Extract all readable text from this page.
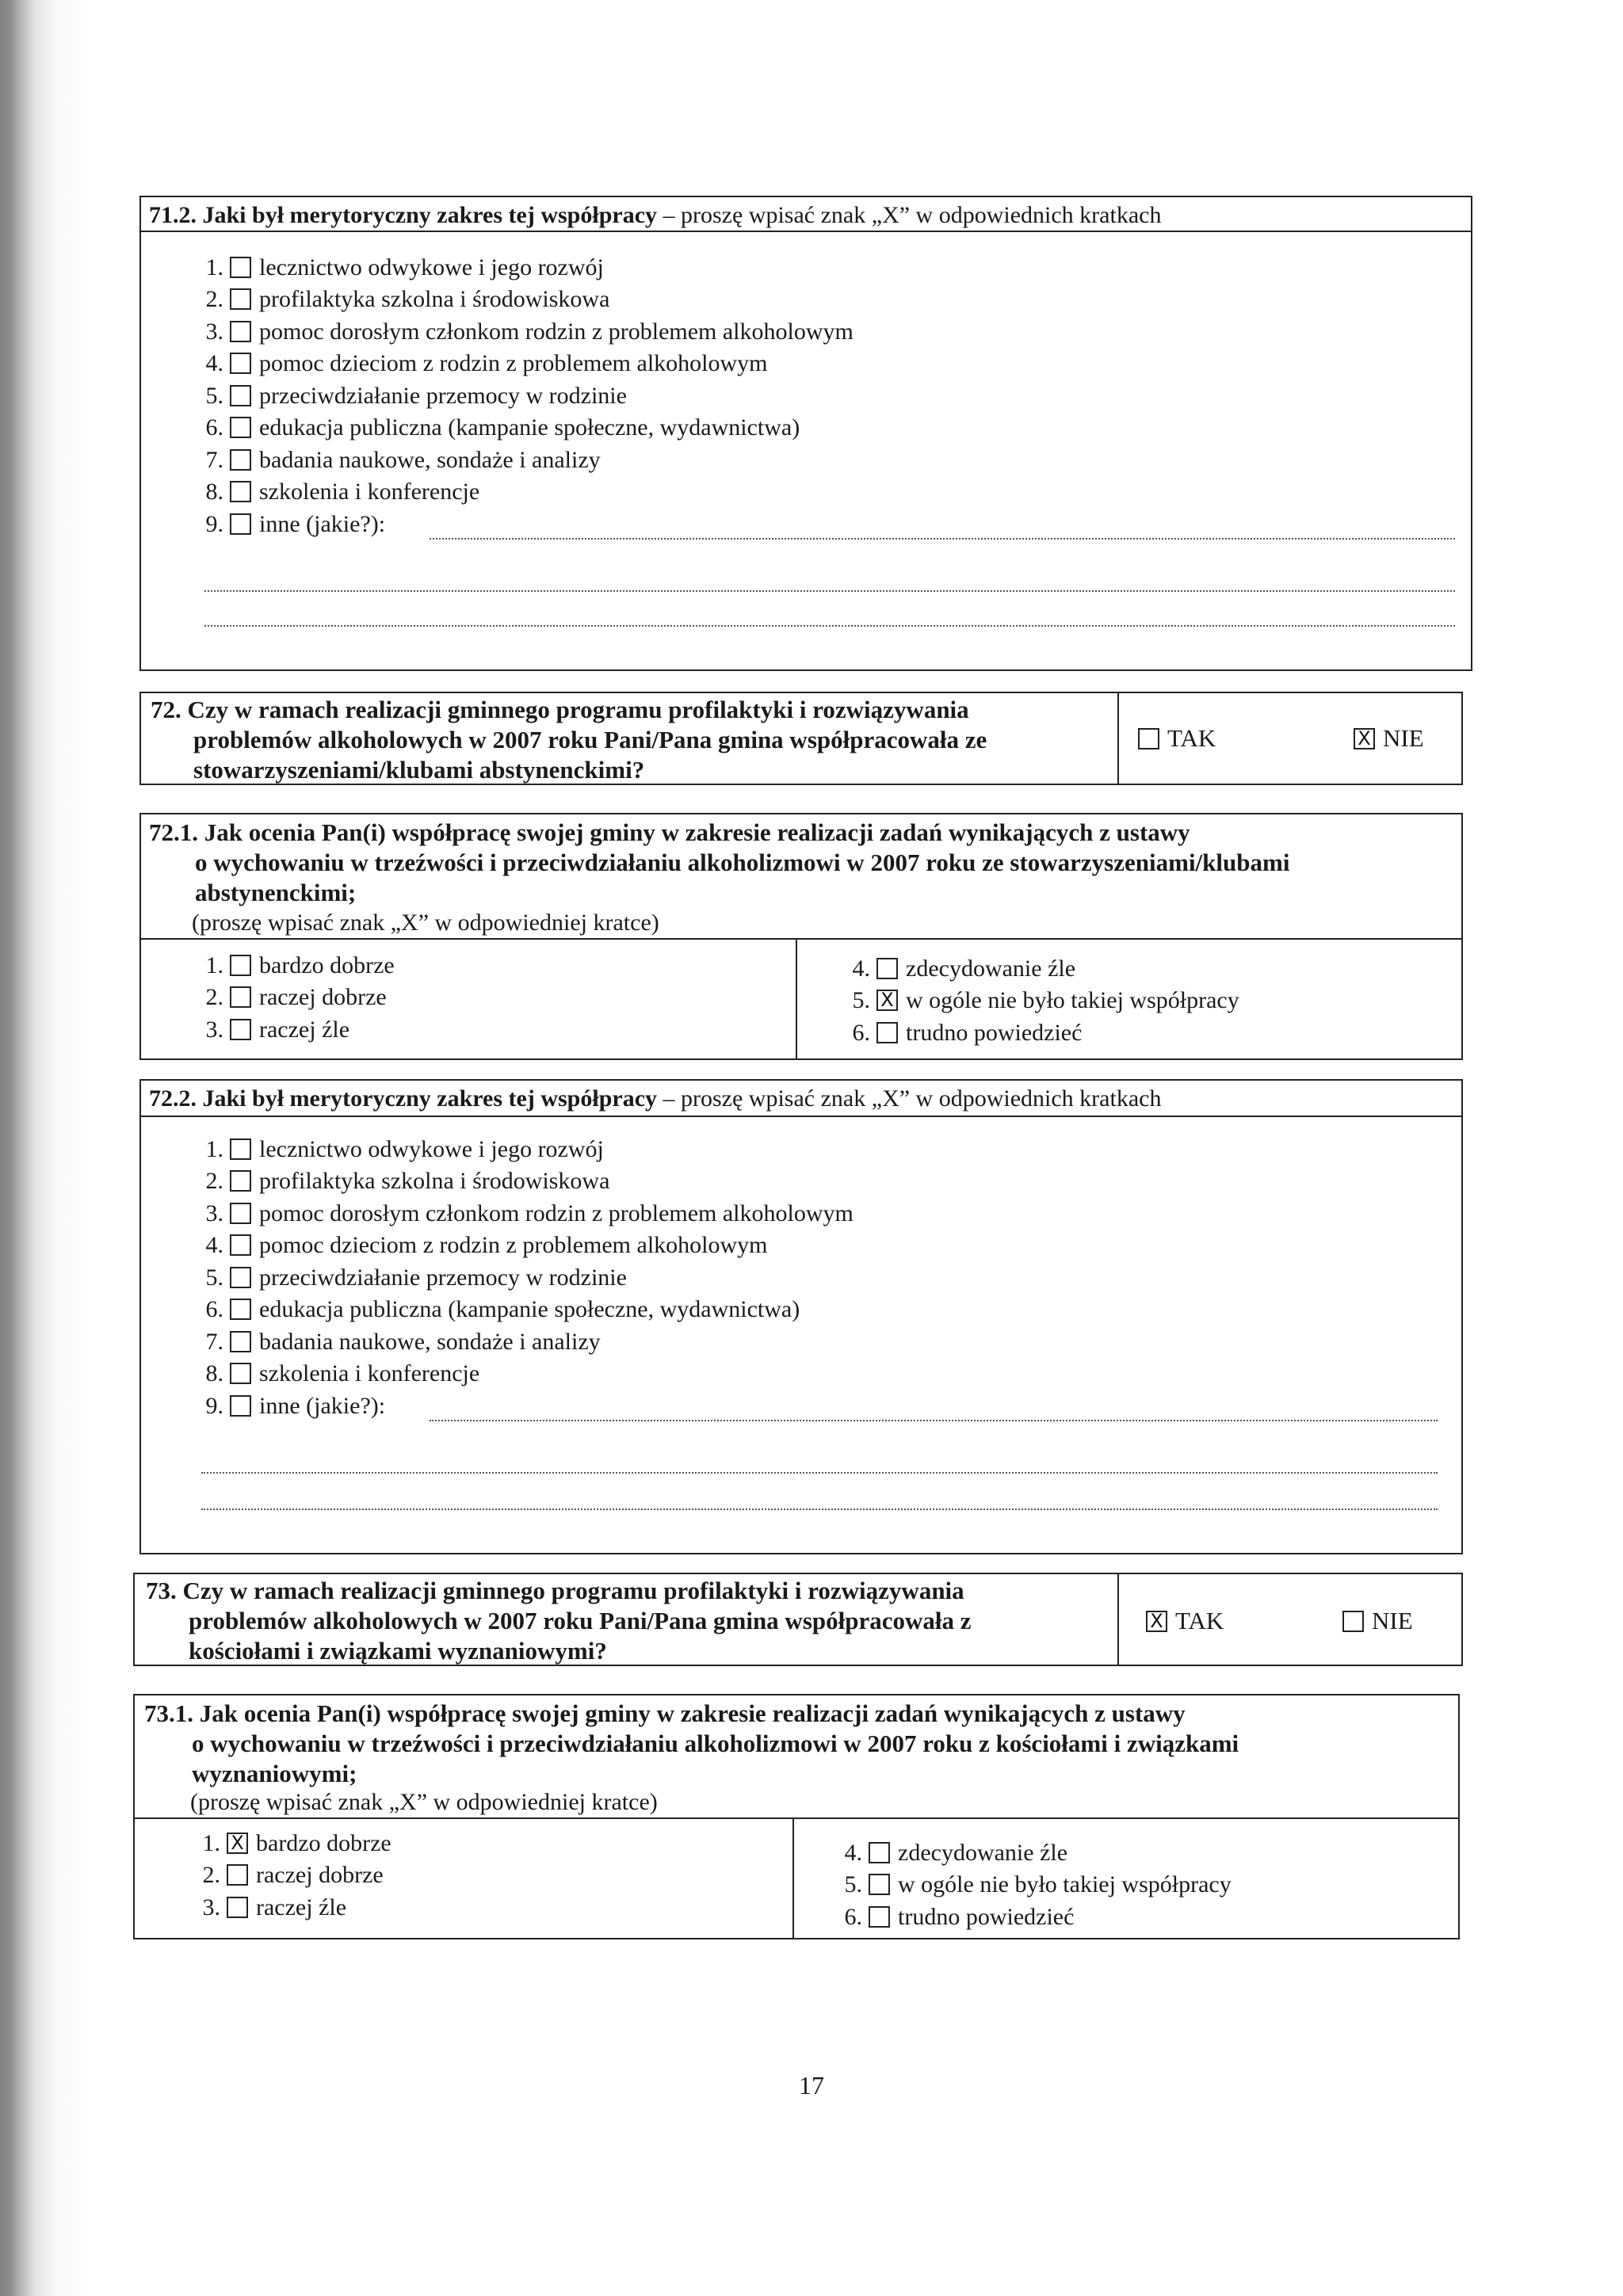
71.2. Jaki był merytoryczny zakres tej współpracy – proszę wpisać znak „X” w odpowiednich kratkach
1. lecznictwo odwykowe i jego rozwój
2. profilaktyka szkolna i środowiskowa
3. pomoc dorosłym członkom rodzin z problemem alkoholowym
4. pomoc dzieciom z rodzin z problemem alkoholowym
5. przeciwdziałanie przemocy w rodzinie
6. edukacja publiczna (kampanie społeczne, wydawnictwa)
7. badania naukowe, sondaże i analizy
8. szkolenia i konferencje
9. inne (jakie?):
72. Czy w ramach realizacji gminnego programu profilaktyki i rozwiązywania
problemów alkoholowych w 2007 roku Pani/Pana gmina współpracowała ze
stowarzyszeniami/klubami abstynenckimi?
TAK	X NIE
72.1. Jak ocenia Pan(i) współpracę swojej gminy w zakresie realizacji zadań wynikających z ustawy
o wychowaniu w trzeźwości i przeciwdziałaniu alkoholizmowi w 2007 roku ze stowarzyszeniami/klubami
abstynenckimi;
(proszę wpisać znak „X” w odpowiedniej kratce)
1. bardzo dobrze
2. raczej dobrze
3. raczej źle
4. zdecydowanie źle
5. X w ogóle nie było takiej współpracy
6. trudno powiedzieć
72.2. Jaki był merytoryczny zakres tej współpracy – proszę wpisać znak „X” w odpowiednich kratkach
1. lecznictwo odwykowe i jego rozwój
2. profilaktyka szkolna i środowiskowa
3. pomoc dorosłym członkom rodzin z problemem alkoholowym
4. pomoc dzieciom z rodzin z problemem alkoholowym
5. przeciwdziałanie przemocy w rodzinie
6. edukacja publiczna (kampanie społeczne, wydawnictwa)
7. badania naukowe, sondaże i analizy
8. szkolenia i konferencje
9. inne (jakie?):
73. Czy w ramach realizacji gminnego programu profilaktyki i rozwiązywania
problemów alkoholowych w 2007 roku Pani/Pana gmina współpracowała z
kościołami i związkami wyznaniowymi?
X TAK	NIE
73.1. Jak ocenia Pan(i) współpracę swojej gminy w zakresie realizacji zadań wynikających z ustawy
o wychowaniu w trzeźwości i przeciwdziałaniu alkoholizmowi w 2007 roku z kościołami i związkami
wyznaniowymi;
(proszę wpisać znak „X” w odpowiedniej kratce)
1. X bardzo dobrze
2. raczej dobrze
3. raczej źle
4. zdecydowanie źle
5. w ogóle nie było takiej współpracy
6. trudno powiedzieć
17
